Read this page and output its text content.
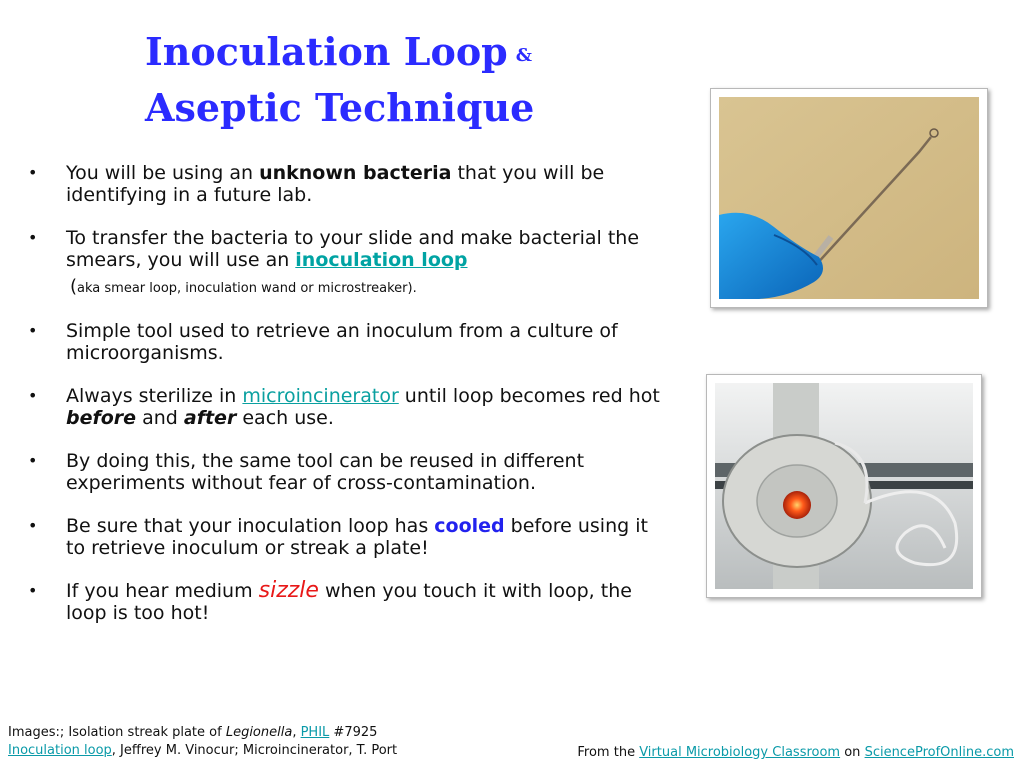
Inoculation Loop &
Aseptic Technique
• You will be using an unknown bacteria that you will be identifying in a future lab.
• To transfer the bacteria to your slide and make bacterial the smears, you will use an inoculation loop
(aka smear loop, inoculation wand or microstreaker).
• Simple tool used to retrieve an inoculum from a culture of microorganisms.
• Always sterilize in microincinerator until loop becomes red hot before and after each use.
• By doing this, the same tool can be reused in different experiments without fear of cross-contamination.
• Be sure that your inoculation loop has cooled before using it to retrieve inoculum or streak a plate!
• If you hear medium sizzle when you touch it with loop, the loop is too hot!
Images:; Isolation streak plate of Legionella, PHIL #7925
Inoculation loop, Jeffrey M. Vinocur; Microincinerator, T. Port	From the Virtual Microbiology Classroom on ScienceProfOnline.com
